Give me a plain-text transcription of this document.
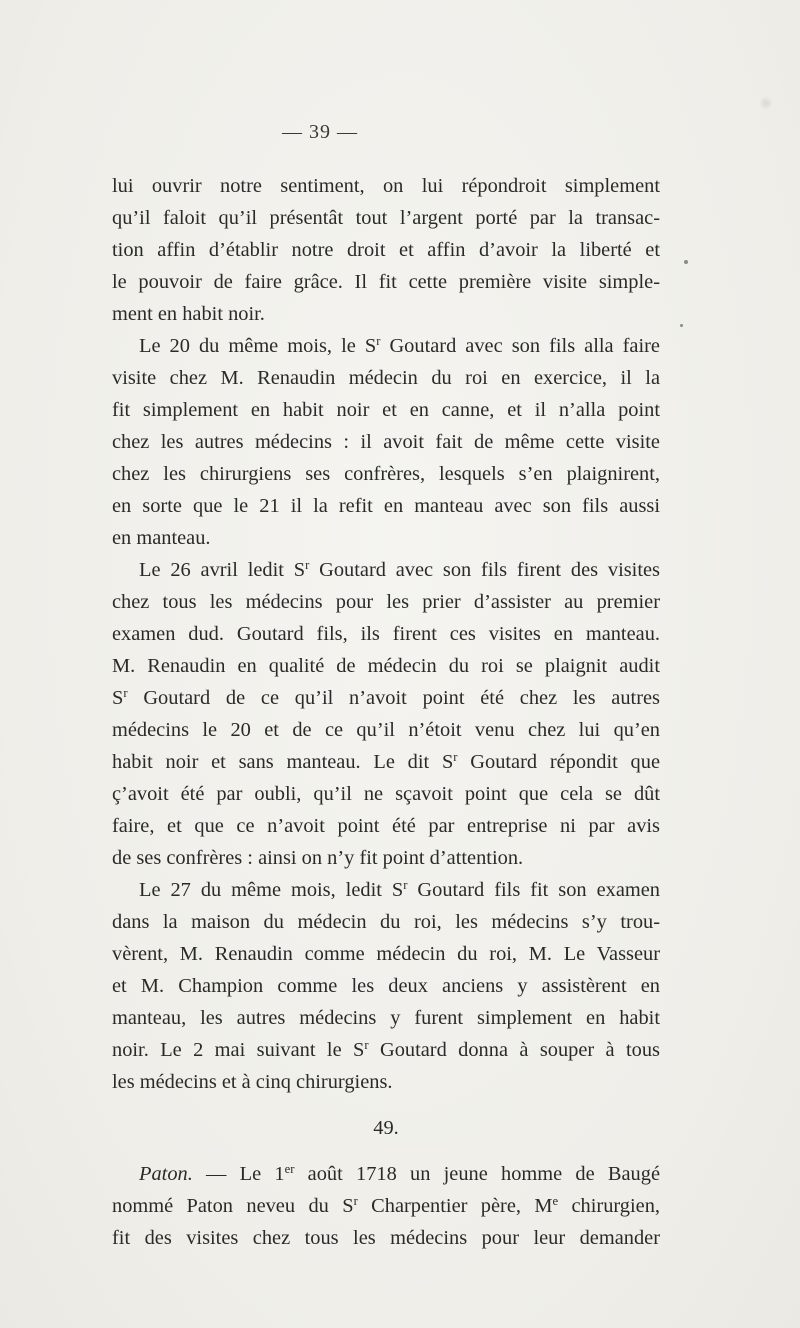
— 39 —
lui ouvrir notre sentiment, on lui répondroit simplement
qu’il faloit qu’il présentât tout l’argent porté par la transac-
tion affin d’établir notre droit et affin d’avoir la liberté et
le pouvoir de faire grâce. Il fit cette première visite simple-
ment en habit noir.
Le 20 du même mois, le $S^r$ Goutard avec son fils alla faire
visite chez M. Renaudin médecin du roi en exercice, il la
fit simplement en habit noir et en canne, et il n’alla point
chez les autres médecins : il avoit fait de même cette visite
chez les chirurgiens ses confrères, lesquels s’en plaignirent,
en sorte que le 21 il la refit en manteau avec son fils aussi
en manteau.
Le 26 avril ledit $S^r$ Goutard avec son fils firent des visites
chez tous les médecins pour les prier d’assister au premier
examen dud. Goutard fils, ils firent ces visites en manteau.
M. Renaudin en qualité de médecin du roi se plaignit audit
$S^r$ Goutard de ce qu’il n’avoit point été chez les autres
médecins le 20 et de ce qu’il n’étoit venu chez lui qu’en
habit noir et sans manteau. Le dit $S^r$ Goutard répondit que
ç’avoit été par oubli, qu’il ne sçavoit point que cela se dût
faire, et que ce n’avoit point été par entreprise ni par avis
de ses confrères : ainsi on n’y fit point d’attention.
Le 27 du même mois, ledit $S^r$ Goutard fils fit son examen
dans la maison du médecin du roi, les médecins s’y trou-
vèrent, M. Renaudin comme médecin du roi, M. Le Vasseur
et M. Champion comme les deux anciens y assistèrent en
manteau, les autres médecins y furent simplement en habit
noir. Le 2 mai suivant le $S^r$ Goutard donna à souper à tous
les médecins et à cinq chirurgiens.
49.
Paton. — Le 1er août 1718 un jeune homme de Baugé
nommé Paton neveu du $S^r$ Charpentier père, Me chirurgien,
fit des visites chez tous les médecins pour leur demander
